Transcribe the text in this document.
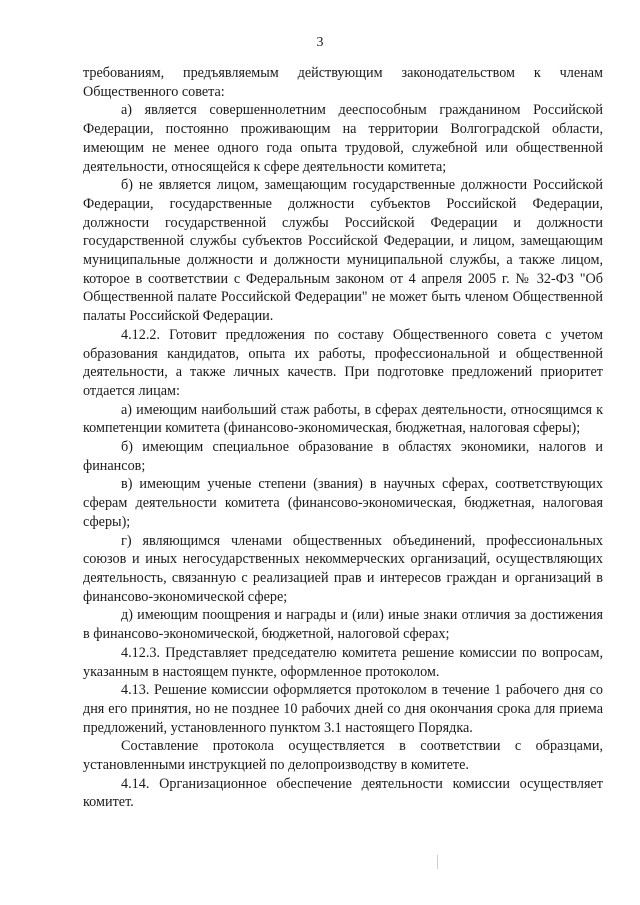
3

требованиям, предъявляемым действующим законодательством к членам Общественного совета:

а) является совершеннолетним дееспособным гражданином Российской Федерации, постоянно проживающим на территории Волгоградской области, имеющим не менее одного года опыта трудовой, служебной или общественной деятельности, относящейся к сфере деятельности комитета;

б) не является лицом, замещающим государственные должности Российской Федерации, государственные должности субъектов Российской Федерации, должности государственной службы Российской Федерации и должности государственной службы субъектов Российской Федерации, и лицом, замещающим муниципальные должности и должности муниципальной службы, а также лицом, которое в соответствии с Федеральным законом от 4 апреля 2005 г. № 32-ФЗ "Об Общественной палате Российской Федерации" не может быть членом Общественной палаты Российской Федерации.

4.12.2. Готовит предложения по составу Общественного совета с учетом образования кандидатов, опыта их работы, профессиональной и общественной деятельности, а также личных качеств. При подготовке предложений приоритет отдается лицам:

а) имеющим наибольший стаж работы, в сферах деятельности, относящимся к компетенции комитета (финансово-экономическая, бюджетная, налоговая сферы);

б) имеющим специальное образование в областях экономики, налогов и финансов;

в) имеющим ученые степени (звания) в научных сферах, соответствующих сферам деятельности комитета (финансово-экономическая, бюджетная, налоговая сферы);

г) являющимся членами общественных объединений, профессиональных союзов и иных негосударственных некоммерческих организаций, осуществляющих деятельность, связанную с реализацией прав и интересов граждан и организаций в финансово-экономической сфере;

д) имеющим поощрения и награды и (или) иные знаки отличия за достижения в финансово-экономической, бюджетной, налоговой сферах;

4.12.3. Представляет председателю комитета решение комиссии по вопросам, указанным в настоящем пункте, оформленное протоколом.

4.13. Решение комиссии оформляется протоколом в течение 1 рабочего дня со дня его принятия, но не позднее 10 рабочих дней со дня окончания срока для приема предложений, установленного пунктом 3.1 настоящего Порядка.

Составление протокола осуществляется в соответствии с образцами, установленными инструкцией по делопроизводству в комитете.

4.14. Организационное обеспечение деятельности комиссии осуществляет комитет.
